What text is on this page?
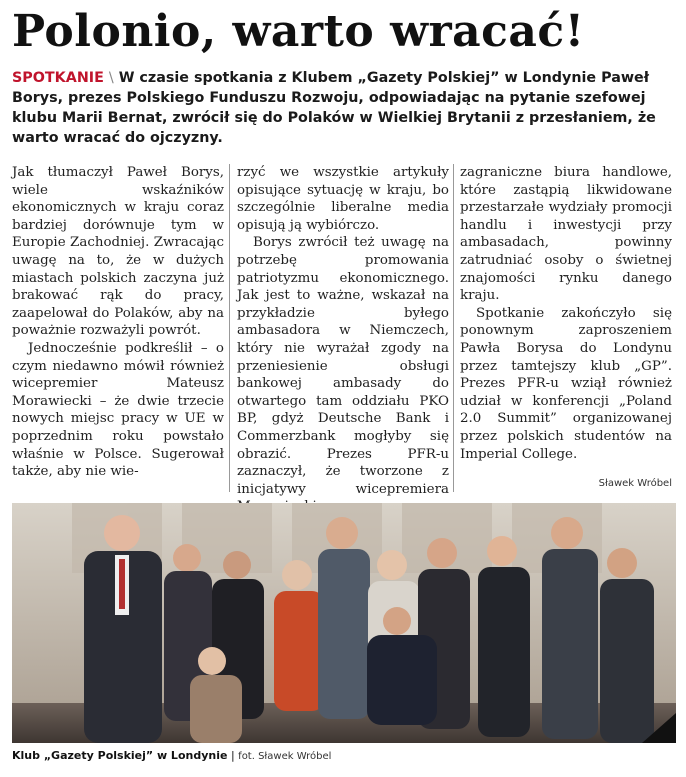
Polonio, warto wracać!
SPOTKANIE \ W czasie spotkania z Klubem „Gazety Polskiej” w Londynie Paweł Borys, prezes Polskiego Funduszu Rozwoju, odpowiadając na pytanie szefowej klubu Marii Bernat, zwrócił się do Polaków w Wielkiej Brytanii z przesłaniem, że warto wracać do ojczyzny.

Jak tłumaczył Paweł Borys, wiele wskaźników ekonomicznych w kraju coraz bardziej dorównuje tym w Europie Zachodniej. Zwracając uwagę na to, że w dużych miastach polskich zaczyna już brakować rąk do pracy, zaapelował do Polaków, aby na poważnie rozważyli powrót.

Jednocześnie podkreślił – o czym niedawno mówił również wicepremier Mateusz Morawiecki – że dwie trzecie nowych miejsc pracy w UE w poprzednim roku powstało właśnie w Polsce. Sugerował także, aby nie wie-

rzyć we wszystkie artykuły opisujące sytuację w kraju, bo szczególnie liberalne media opisują ją wybiórczo.

Borys zwrócił też uwagę na potrzebę promowania patriotyzmu ekonomicznego. Jak jest to ważne, wskazał na przykładzie byłego ambasadora w Niemczech, który nie wyrażał zgody na przeniesienie obsługi bankowej ambasady do otwartego tam oddziału PKO BP, gdyż Deutsche Bank i Commerzbank mogłyby się obrazić. Prezes PFR-u zaznaczył, że tworzone z inicjatywy wicepremiera

zagraniczne biura handlowe, które zastąpią likwidowane przestarzałe wydziały promocji handlu i inwestycji przy ambasadach, powinny zatrudniać osoby o świetnej znajomości rynku danego kraju.

Spotkanie zakończyło się ponownym zaproszeniem Pawła Borysa do Londynu przez tamtejszy klub „GP”. Prezes PFR-u wziął również udział w konferencji „Poland 2.0 Summit” organizowanej przez polskich studentów na Imperial College.

Sławek Wróbel
Klub „Gazety Polskiej” w Londynie | fot. Sławek Wróbel
